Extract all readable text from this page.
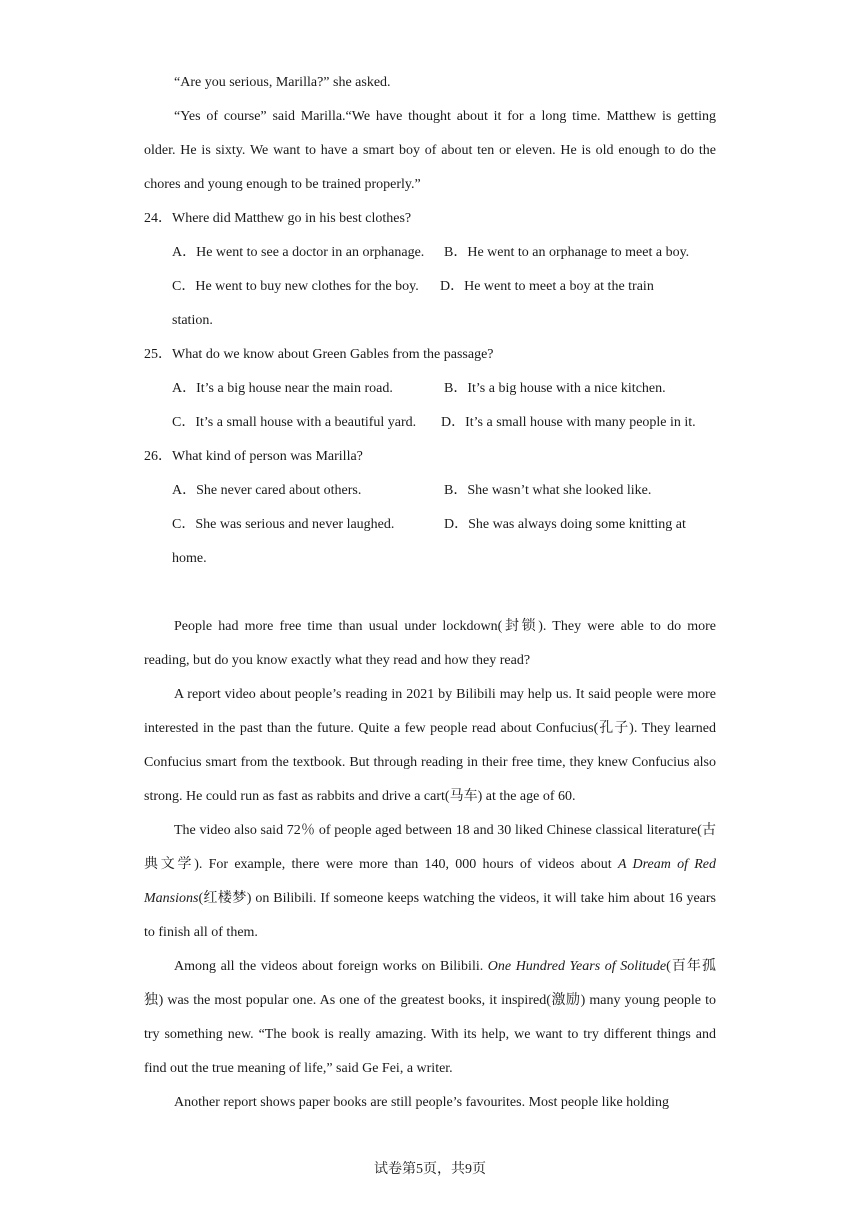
“Are you serious, Marilla?” she asked.
“Yes of course” said Marilla.“We have thought about it for a long time. Matthew is getting older. He is sixty. We want to have a smart boy of about ten or eleven. He is old enough to do the chores and young enough to be trained properly.”
24．Where did Matthew go in his best clothes?
A．He went to see a doctor in an orphanage. B．He went to an orphanage to meet a boy.
C．He went to buy new clothes for the boy. D．He went to meet a boy at the train
station.
25．What do we know about Green Gables from the passage?
A．It’s a big house near the main road.	B．It’s a big house with a nice kitchen.
C．It’s a small house with a beautiful yard. D．It’s a small house with many people in it.
26．What kind of person was Marilla?
A．She never cared about others.	B．She wasn’t what she looked like.
C．She was serious and never laughed.	D．She was always doing some knitting at
home.
People had more free time than usual under lockdown(封锁). They were able to do more reading, but do you know exactly what they read and how they read?
A report video about people’s reading in 2021 by Bilibili may help us. It said people were more interested in the past than the future. Quite a few people read about Confucius(孔子). They learned Confucius smart from the textbook. But through reading in their free time, they knew Confucius also strong. He could run as fast as rabbits and drive a cart(马车) at the age of 60.
The video also said 72％ of people aged between 18 and 30 liked Chinese classical literature(古典文学). For example, there were more than 140, 000 hours of videos about A Dream of Red Mansions(红楼梦) on Bilibili. If someone keeps watching the videos, it will take him about 16 years to finish all of them.
Among all the videos about foreign works on Bilibili. One Hundred Years of Solitude(百年孤独) was the most popular one. As one of the greatest books, it inspired(激励) many young people to try something new. “The book is really amazing. With its help, we want to try different things and find out the true meaning of life,” said Ge Fei, a writer.
Another report shows paper books are still people’s favourites. Most people like holding
试卷第5页，共9页
